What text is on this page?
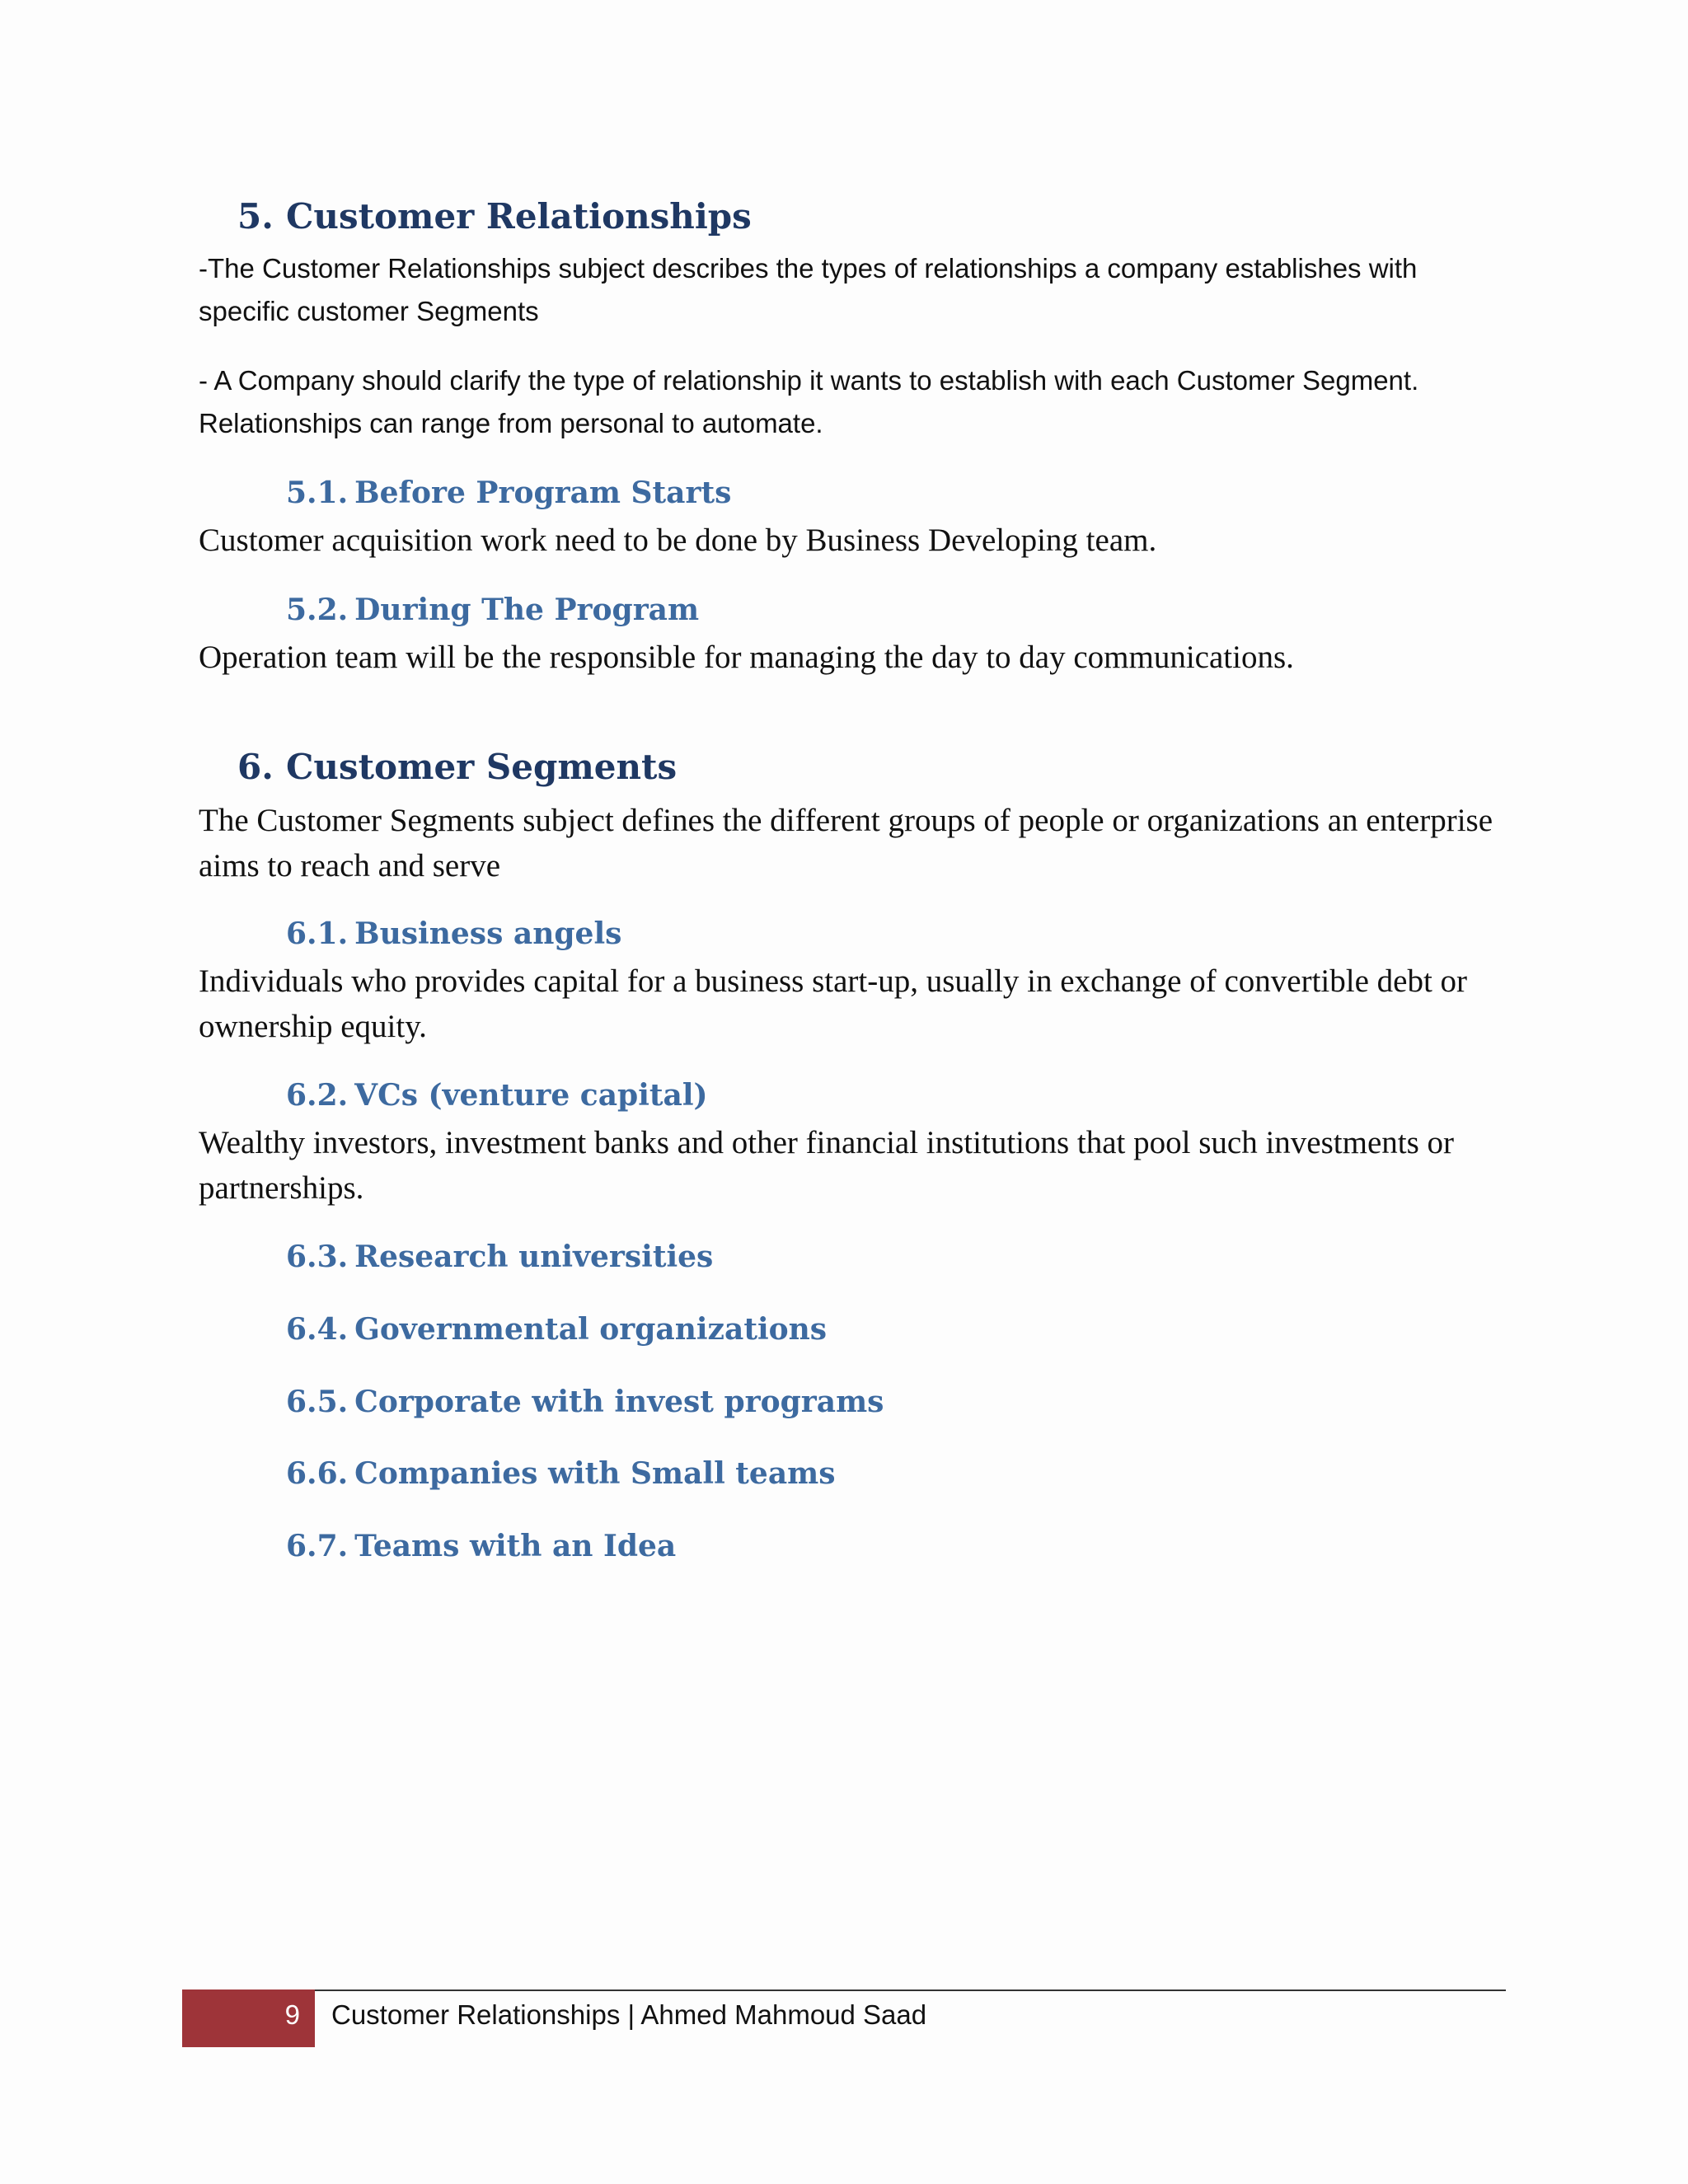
5. Customer Relationships
-The Customer Relationships subject describes the types of relationships a company establishes with specific customer Segments
- A Company should clarify the type of relationship it wants to establish with each Customer Segment. Relationships can range from personal to automate.
5.1. Before Program Starts
Customer acquisition work need to be done by Business Developing team.
5.2. During The Program
Operation team will be the responsible for managing the day to day communications.
6. Customer Segments
The Customer Segments subject defines the different groups of people or organizations an enterprise aims to reach and serve
6.1. Business angels
Individuals who provides capital for a business start-up, usually in exchange of convertible debt or ownership equity.
6.2. VCs (venture capital)
Wealthy investors, investment banks and other financial institutions that pool such investments or partnerships.
6.3. Research universities
6.4. Governmental organizations
6.5. Corporate with invest programs
6.6. Companies with Small teams
6.7. Teams with an Idea
9 Customer Relationships | Ahmed Mahmoud Saad
